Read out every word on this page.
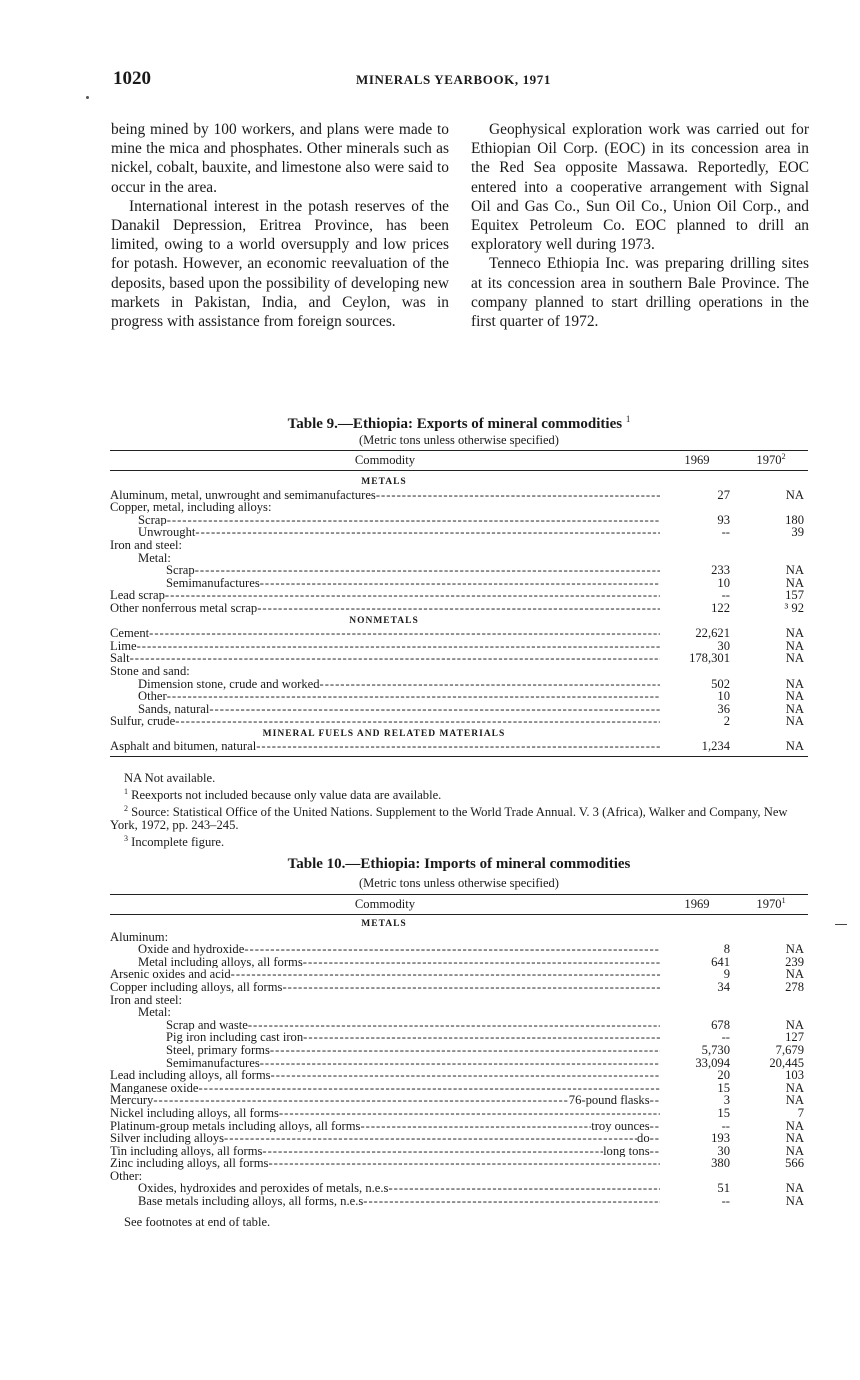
1020	MINERALS YEARBOOK, 1971

being mined by 100 workers, and plans were made to mine the mica and phosphates. Other minerals such as nickel, cobalt, bauxite, and limestone also were said to occur in the area.

International interest in the potash reserves of the Danakil Depression, Eritrea Province, has been limited, owing to a world oversupply and low prices for potash. However, an economic reevaluation of the deposits, based upon the possibility of developing new markets in Pakistan, India, and Ceylon, was in progress with assistance from foreign sources.

Geophysical exploration work was carried out for Ethiopian Oil Corp. (EOC) in its concession area in the Red Sea opposite Massawa. Reportedly, EOC entered into a cooperative arrangement with Signal Oil and Gas Co., Sun Oil Co., Union Oil Corp., and Equitex Petroleum Co. EOC planned to drill an exploratory well during 1973.

Tenneco Ethiopia Inc. was preparing drilling sites at its concession area in southern Bale Province. The company planned to start drilling operations in the first quarter of 1972.

Table 9.—Ethiopia: Exports of mineral commodities $^1$
(Metric tons unless otherwise specified)
Commodity	1969	1970$^2$
METALS
Aluminum, metal, unwrought and semimanufactures -----	27	NA
Copper, metal, including alloys:
Scrap -----	93	180
Unwrought -----	--	39
Iron and steel:
Metal:
Scrap -----	233	NA
Semimanufactures -----	10	NA
Lead scrap -----	--	157
Other nonferrous metal scrap -----	122	³ 92
NONMETALS
Cement -----	22,621	NA
Lime -----	30	NA
Salt -----	178,301	NA
Stone and sand:
Dimension stone, crude and worked -----	502	NA
Other -----	10	NA
Sands, natural -----	36	NA
Sulfur, crude -----	2	NA
MINERAL FUELS AND RELATED MATERIALS
Asphalt and bitumen, natural -----	1,234	NA
NA Not available.
$^1$ Reexports not included because only value data are available.
$^2$ Source: Statistical Office of the United Nations. Supplement to the World Trade Annual. V. 3 (Africa), Walker and Company, New York, 1972, pp. 243–245.
$^3$ Incomplete figure.
Table 10.—Ethiopia: Imports of mineral commodities
(Metric tons unless otherwise specified)
Commodity	1969	1970$^1$
METALS
Aluminum:
Oxide and hydroxide -----	8	NA
Metal including alloys, all forms -----	641	239
Arsenic oxides and acid -----	9	NA
Copper including alloys, all forms -----	34	278
Iron and steel:
Metal:
Scrap and waste -----	678	NA
Pig iron including cast iron -----	--	127
Steel, primary forms -----	5,730	7,679
Semimanufactures -----	33,094	20,445
Lead including alloys, all forms -----	20	103
Manganese oxide -----	15	NA
Mercury -----	76-pound flasks --	3	NA
Nickel including alloys, all forms -----	15	7
Platinum-group metals including alloys, all forms -----	troy ounces --	--	NA
Silver including alloys -----	do --	193	NA
Tin including alloys, all forms -----	long tons --	30	NA
Zinc including alloys, all forms -----	380	566
Other:
Oxides, hydroxides and peroxides of metals, n.e.s -----	51	NA
Base metals including alloys, all forms, n.e.s -----	--	NA
See footnotes at end of table.
